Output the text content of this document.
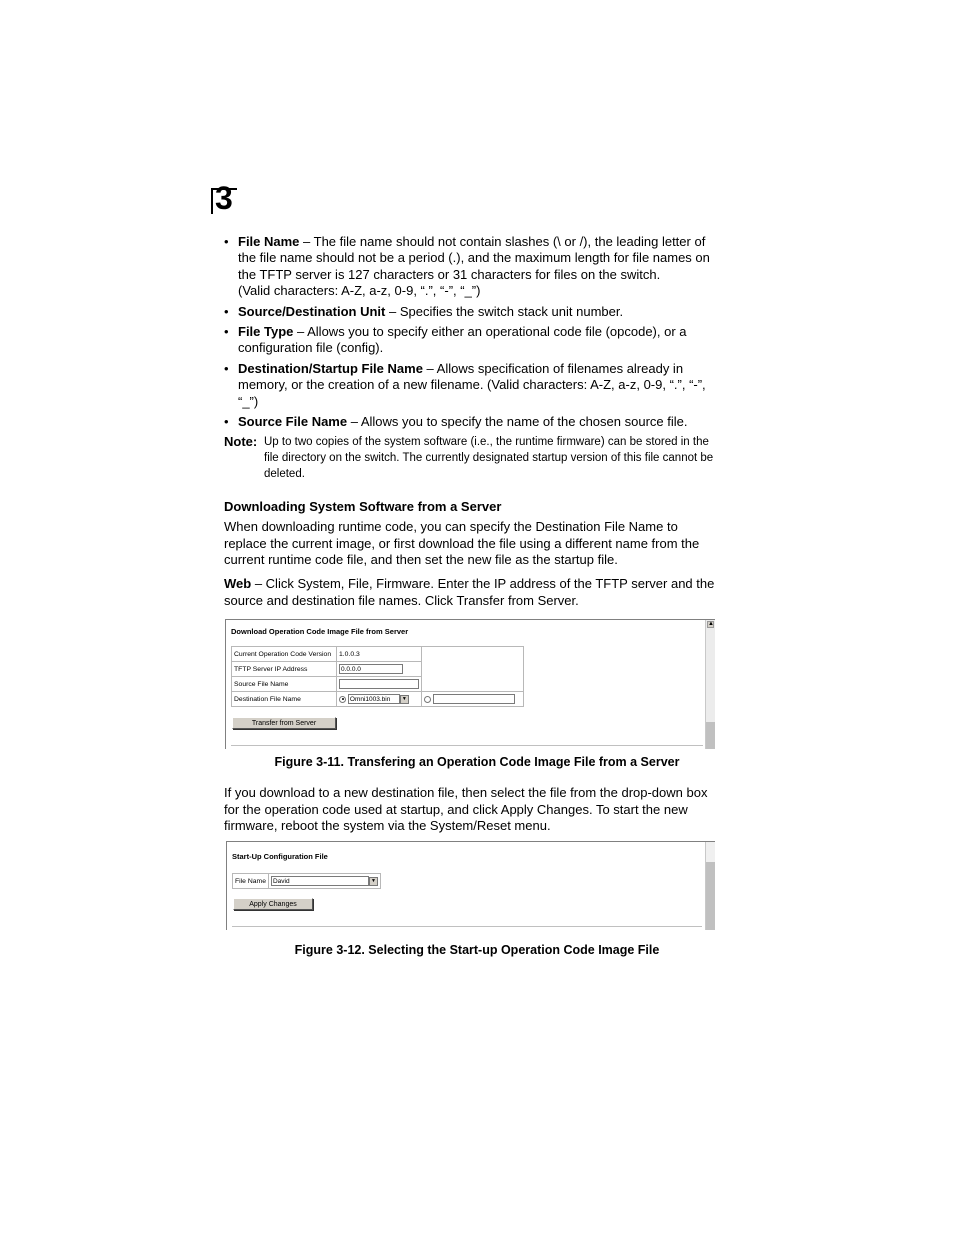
3
• File Name – The file name should not contain slashes (\ or /), the leading letter of the file name should not be a period (.), and the maximum length for file names on the TFTP server is 127 characters or 31 characters for files on the switch.
(Valid characters: A-Z, a-z, 0-9, “.”, “-”, “_”)
• Source/Destination Unit – Specifies the switch stack unit number.
• File Type – Allows you to specify either an operational code file (opcode), or a configuration file (config).
• Destination/Startup File Name – Allows specification of filenames already in memory, or the creation of a new filename. (Valid characters: A-Z, a-z, 0-9, “.”, “-”, “_”)
• Source File Name – Allows you to specify the name of the chosen source file.
Note: Up to two copies of the system software (i.e., the runtime firmware) can be stored in the file directory on the switch. The currently designated startup version of this file cannot be deleted.
Downloading System Software from a Server
When downloading runtime code, you can specify the Destination File Name to replace the current image, or first download the file using a different name from the current runtime code file, and then set the new file as the startup file.
Web – Click System, File, Firmware. Enter the IP address of the TFTP server and the source and destination file names. Click Transfer from Server.
Download Operation Code Image File from Server
Current Operation Code Version	1.0.0.3	
TFTP Server IP Address	0.0.0.0	
Source File Name		
Destination File Name	Omni1003.bin ▼	
Transfer from Server
▲
Figure 3-11. Transfering an Operation Code Image File from a Server
If you download to a new destination file, then select the file from the drop-down box for the operation code used at startup, and click Apply Changes. To start the new firmware, reboot the system via the System/Reset menu.
Start-Up Configuration File
File Name	David	▼
Apply Changes
Figure 3-12. Selecting the Start-up Operation Code Image File
